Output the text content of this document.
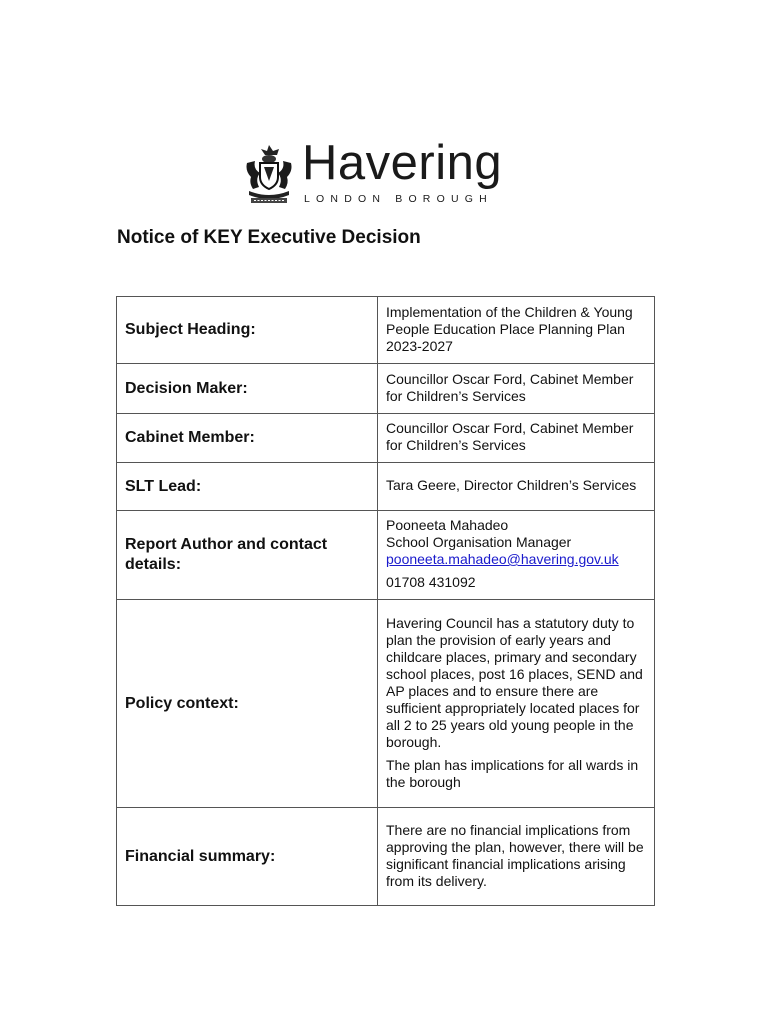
Havering
LONDON BOROUGH
Notice of KEY Executive Decision
Subject Heading:	Implementation of the Children & Young People Education Place Planning Plan 2023-2027

Decision Maker:	Councillor Oscar Ford, Cabinet Member for Children’s Services

Cabinet Member:	Councillor Oscar Ford, Cabinet Member for Children’s Services

SLT Lead:	Tara Geere, Director Children’s Services

Report Author and contact details:	Pooneeta Mahadeo
School Organisation Manager
pooneeta.mahadeo@havering.gov.uk

01708 431092

Policy context:	Havering Council has a statutory duty to plan the provision of early years and childcare places, primary and secondary school places, post 16 places, SEND and AP places and to ensure there are sufficient appropriately located places for all 2 to 25 years old young people in the borough.

The plan has implications for all wards in the borough

Financial summary:	There are no financial implications from approving the plan, however, there will be significant financial implications arising from its delivery.
